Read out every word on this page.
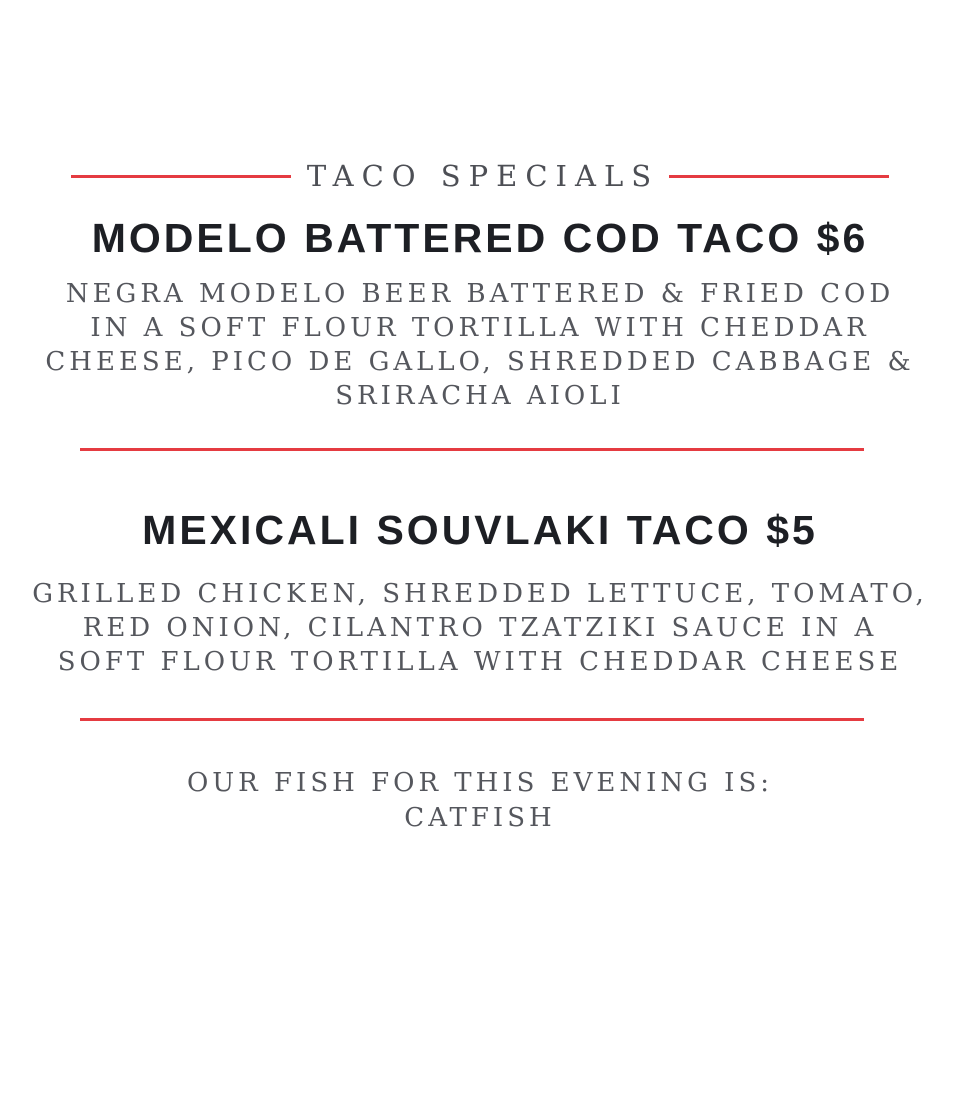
TACO SPECIALS
MODELO BATTERED COD TACO $6

NEGRA MODELO BEER BATTERED & FRIED COD
IN A SOFT FLOUR TORTILLA WITH CHEDDAR
CHEESE, PICO DE GALLO, SHREDDED CABBAGE &
SRIRACHA AIOLI

MEXICALI SOUVLAKI TACO $5

GRILLED CHICKEN, SHREDDED LETTUCE, TOMATO,
RED ONION, CILANTRO TZATZIKI SAUCE IN A
SOFT FLOUR TORTILLA WITH CHEDDAR CHEESE

OUR FISH FOR THIS EVENING IS:

CATFISH
